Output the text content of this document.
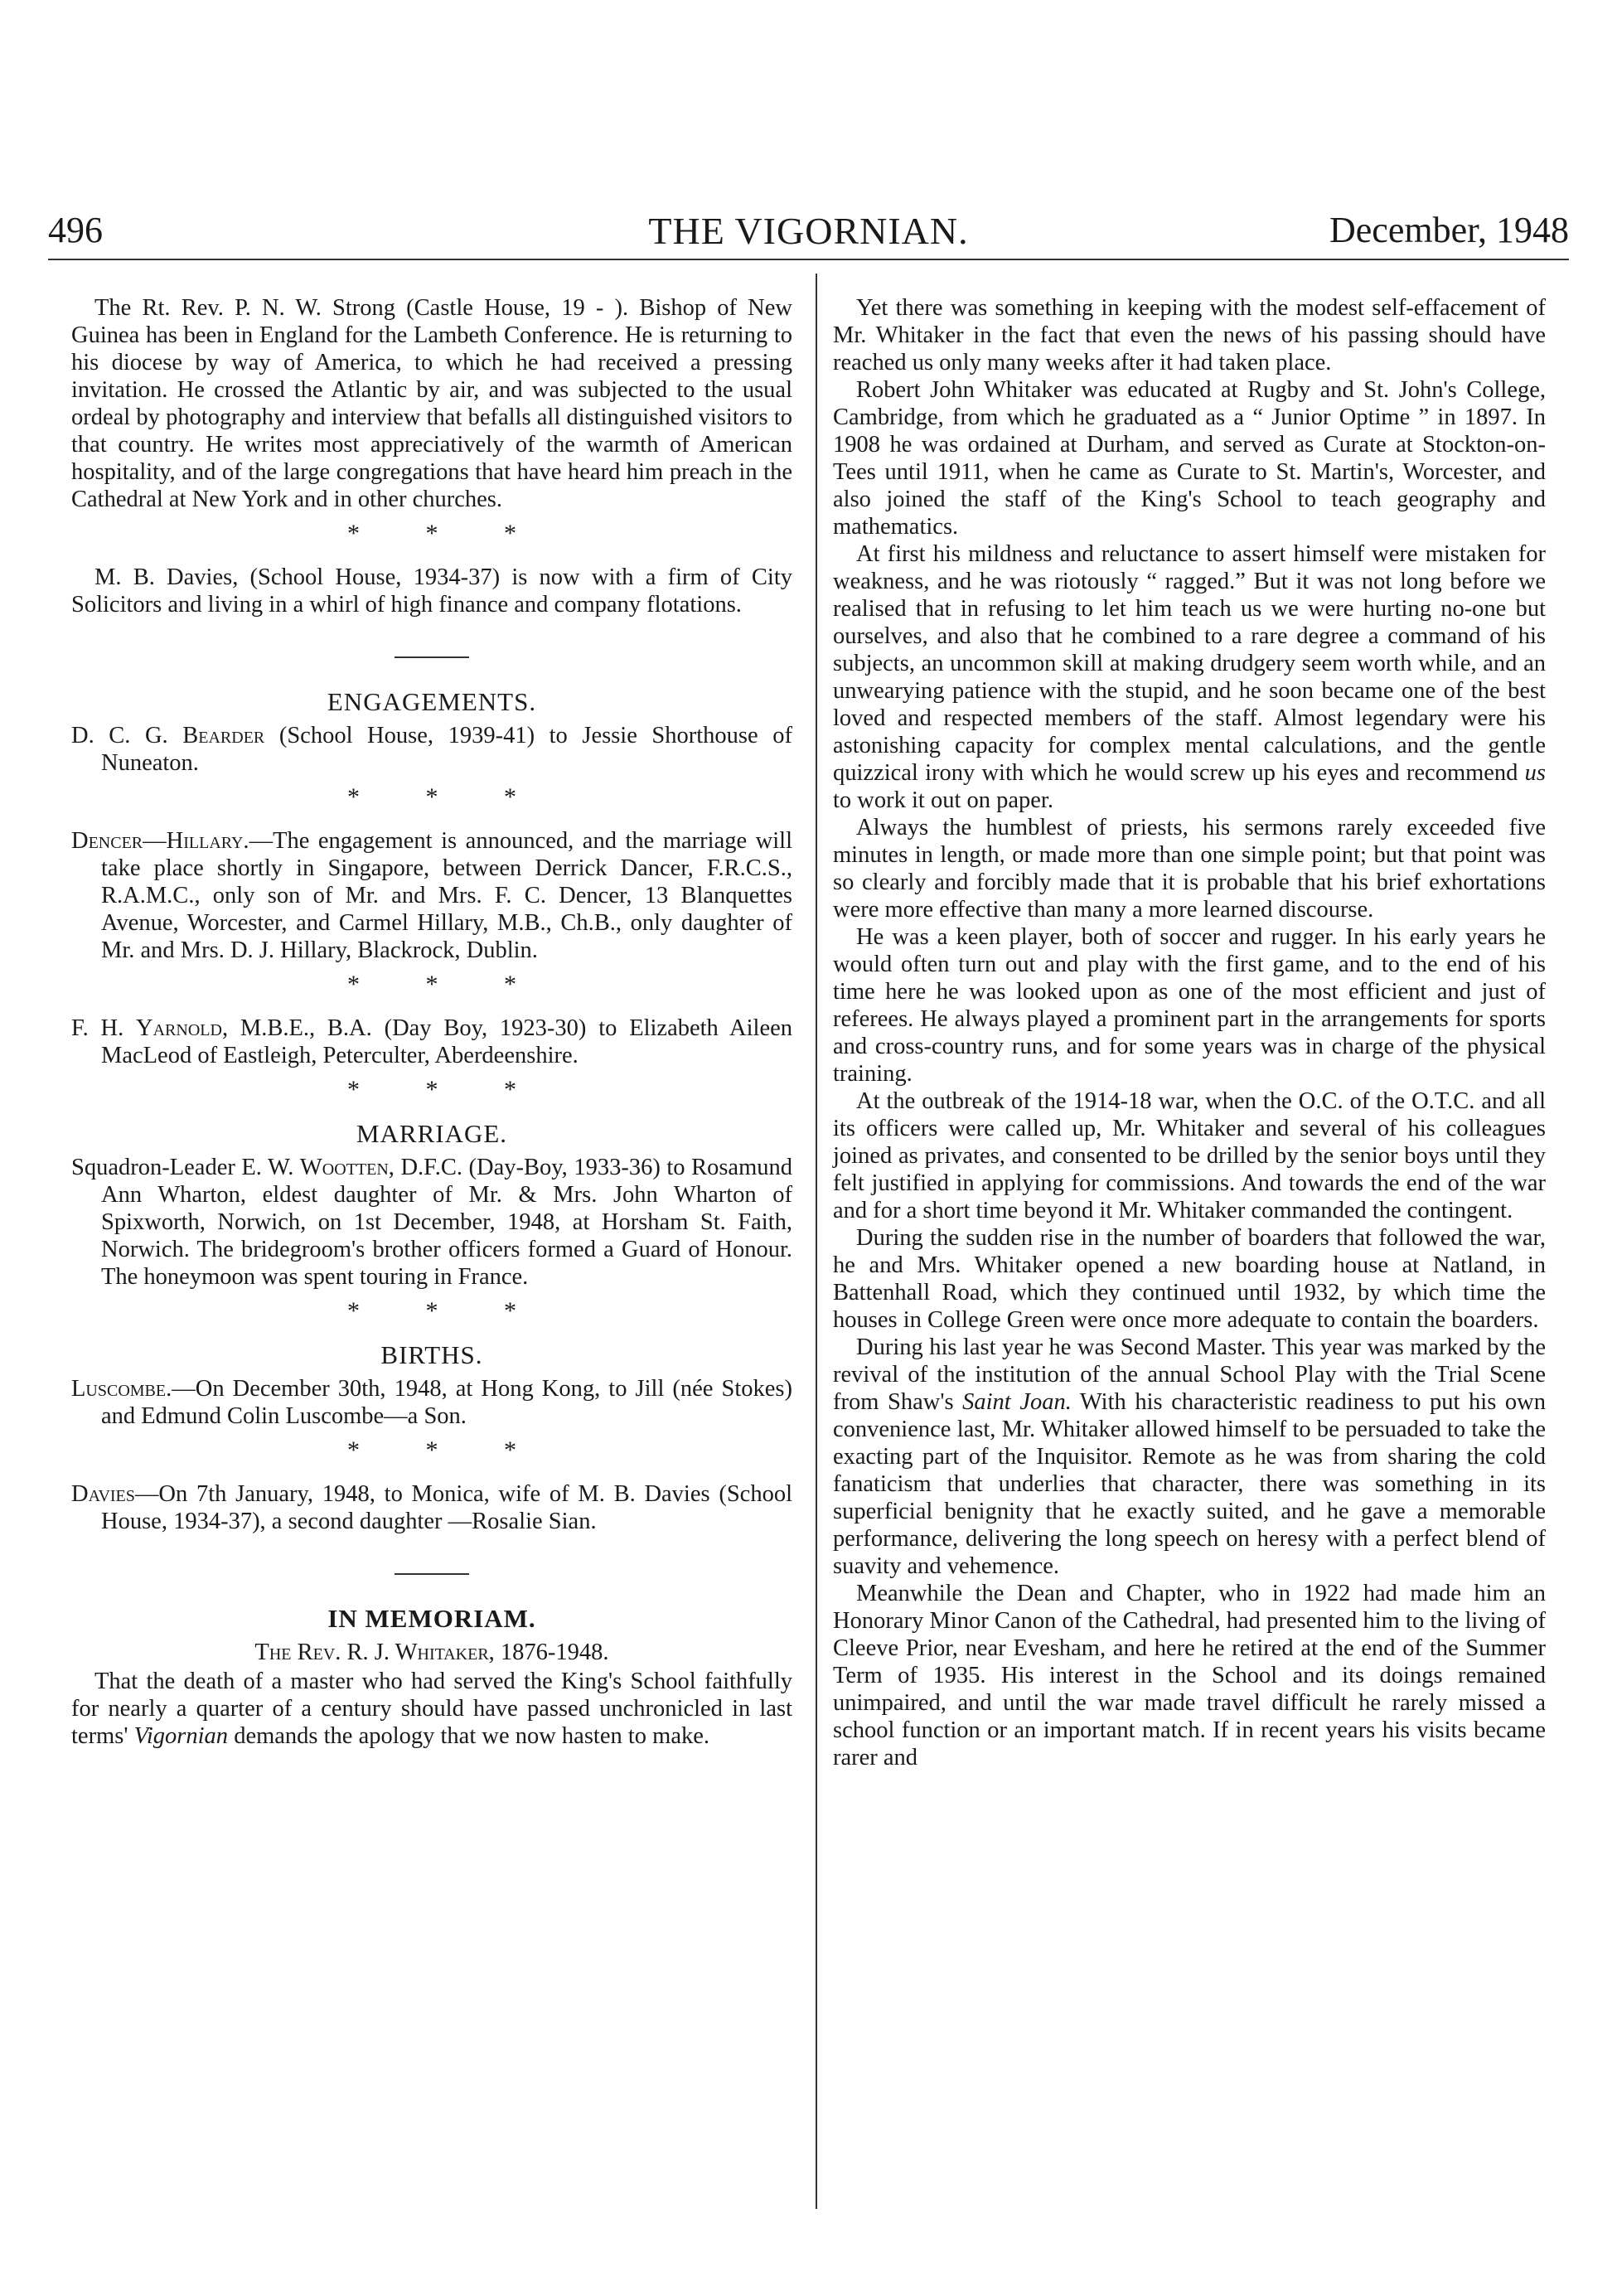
496	THE VIGORNIAN.	December, 1948

The Rt. Rev. P. N. W. Strong (Castle House, 19 - ). Bishop of New Guinea has been in England for the Lambeth Conference. He is returning to his diocese by way of America, to which he had received a pressing invitation. He crossed the Atlantic by air, and was subjected to the usual ordeal by photography and interview that befalls all distinguished visitors to that country. He writes most appreciatively of the warmth of American hospitality, and of the large congregations that have heard him preach in the Cathedral at New York and in other churches.

* * *

M. B. Davies, (School House, 1934-37) is now with a firm of City Solicitors and living in a whirl of high finance and company flotations.

ENGAGEMENTS.

D. C. G. Bearder (School House, 1939-41) to Jessie Shorthouse of Nuneaton.

* * *

Dencer—Hillary.—The engagement is announced, and the marriage will take place shortly in Singapore, between Derrick Dancer, F.R.C.S., R.A.M.C., only son of Mr. and Mrs. F. C. Dencer, 13 Blanquettes Avenue, Worcester, and Carmel Hillary, M.B., Ch.B., only daughter of Mr. and Mrs. D. J. Hillary, Blackrock, Dublin.

* * *

F. H. Yarnold, M.B.E., B.A. (Day Boy, 1923-30) to Elizabeth Aileen MacLeod of Eastleigh, Peterculter, Aberdeenshire.

* * *
MARRIAGE.

Squadron-Leader E. W. Wootten, D.F.C. (Day-Boy, 1933-36) to Rosamund Ann Wharton, eldest daughter of Mr. & Mrs. John Wharton of Spixworth, Norwich, on 1st December, 1948, at Horsham St. Faith, Norwich. The bridegroom's brother officers formed a Guard of Honour. The honeymoon was spent touring in France.

* * *
BIRTHS.

Luscombe.—On December 30th, 1948, at Hong Kong, to Jill (née Stokes) and Edmund Colin Luscombe—a Son.

* * *

Davies—On 7th January, 1948, to Monica, wife of M. B. Davies (School House, 1934-37), a second daughter —Rosalie Sian.

IN MEMORIAM.
The Rev. R. J. Whitaker, 1876-1948.

That the death of a master who had served the King's School faithfully for nearly a quarter of a century should have passed unchronicled in last terms' Vigornian demands the apology that we now hasten to make.

Yet there was something in keeping with the modest self-effacement of Mr. Whitaker in the fact that even the news of his passing should have reached us only many weeks after it had taken place.

Robert John Whitaker was educated at Rugby and St. John's College, Cambridge, from which he graduated as a “ Junior Optime ” in 1897. In 1908 he was ordained at Durham, and served as Curate at Stockton-on-Tees until 1911, when he came as Curate to St. Martin's, Worcester, and also joined the staff of the King's School to teach geography and mathematics.

At first his mildness and reluctance to assert himself were mistaken for weakness, and he was riotously “ ragged.” But it was not long before we realised that in refusing to let him teach us we were hurting no-one but ourselves, and also that he combined to a rare degree a command of his subjects, an uncommon skill at making drudgery seem worth while, and an unwearying patience with the stupid, and he soon became one of the best loved and respected members of the staff. Almost legendary were his astonishing capacity for complex mental calculations, and the gentle quizzical irony with which he would screw up his eyes and recommend us to work it out on paper.

Always the humblest of priests, his sermons rarely exceeded five minutes in length, or made more than one simple point; but that point was so clearly and forcibly made that it is probable that his brief exhortations were more effective than many a more learned discourse.

He was a keen player, both of soccer and rugger. In his early years he would often turn out and play with the first game, and to the end of his time here he was looked upon as one of the most efficient and just of referees. He always played a prominent part in the arrangements for sports and cross-country runs, and for some years was in charge of the physical training.

At the outbreak of the 1914-18 war, when the O.C. of the O.T.C. and all its officers were called up, Mr. Whitaker and several of his colleagues joined as privates, and consented to be drilled by the senior boys until they felt justified in applying for commissions. And towards the end of the war and for a short time beyond it Mr. Whitaker commanded the contingent.

During the sudden rise in the number of boarders that followed the war, he and Mrs. Whitaker opened a new boarding house at Natland, in Battenhall Road, which they continued until 1932, by which time the houses in College Green were once more adequate to contain the boarders.

During his last year he was Second Master. This year was marked by the revival of the institution of the annual School Play with the Trial Scene from Shaw's Saint Joan. With his characteristic readiness to put his own convenience last, Mr. Whitaker allowed himself to be persuaded to take the exacting part of the Inquisitor. Remote as he was from sharing the cold fanaticism that underlies that character, there was something in its superficial benignity that he exactly suited, and he gave a memorable performance, delivering the long speech on heresy with a perfect blend of suavity and vehemence.

Meanwhile the Dean and Chapter, who in 1922 had made him an Honorary Minor Canon of the Cathedral, had presented him to the living of Cleeve Prior, near Evesham, and here he retired at the end of the Summer Term of 1935. His interest in the School and its doings remained unimpaired, and until the war made travel difficult he rarely missed a school function or an important match. If in recent years his visits became rarer and
